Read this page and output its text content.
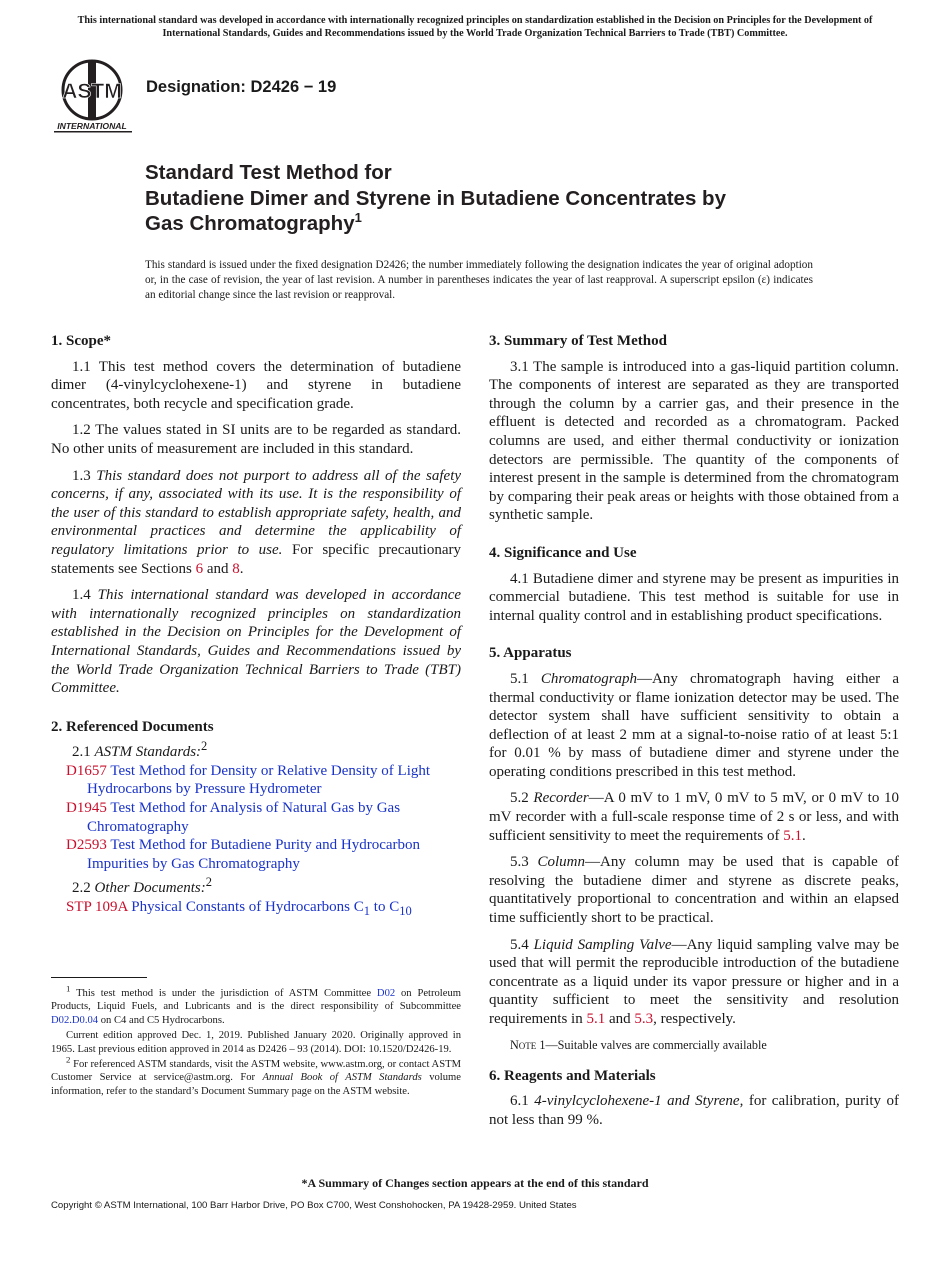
This international standard was developed in accordance with internationally recognized principles on standardization established in the Decision on Principles for the Development of International Standards, Guides and Recommendations issued by the World Trade Organization Technical Barriers to Trade (TBT) Committee.
ASTM
INTERNATIONAL
Designation: D2426 − 19
Standard Test Method for
Butadiene Dimer and Styrene in Butadiene Concentrates by
Gas Chromatography$^1$
This standard is issued under the fixed designation D2426; the number immediately following the designation indicates the year of original adoption or, in the case of revision, the year of last revision. A number in parentheses indicates the year of last reapproval. A superscript epsilon (ε) indicates an editorial change since the last revision or reapproval.
1. Scope*

1.1 This test method covers the determination of butadiene dimer (4-vinylcyclohexene-1) and styrene in butadiene concentrates, both recycle and specification grade.

1.2 The values stated in SI units are to be regarded as standard. No other units of measurement are included in this standard.

1.3 This standard does not purport to address all of the safety concerns, if any, associated with its use. It is the responsibility of the user of this standard to establish appropriate safety, health, and environmental practices and determine the applicability of regulatory limitations prior to use. For specific precautionary statements see Sections 6 and 8.

1.4 This international standard was developed in accordance with internationally recognized principles on standardization established in the Decision on Principles for the Development of International Standards, Guides and Recommendations issued by the World Trade Organization Technical Barriers to Trade (TBT) Committee.

2. Referenced Documents

2.1 ASTM Standards:$^2$

D1657 Test Method for Density or Relative Density of Light Hydrocarbons by Pressure Hydrometer
D1945 Test Method for Analysis of Natural Gas by Gas Chromatography
D2593 Test Method for Butadiene Purity and Hydrocarbon Impurities by Gas Chromatography

2.2 Other Documents:$^2$

STP 109A Physical Constants of Hydrocarbons $C_1$ to $C_{10}$

$^1$ This test method is under the jurisdiction of ASTM Committee D02 on Petroleum Products, Liquid Fuels, and Lubricants and is the direct responsibility of Subcommittee D02.D0.04 on C4 and C5 Hydrocarbons.

Current edition approved Dec. 1, 2019. Published January 2020. Originally approved in 1965. Last previous edition approved in 2014 as D2426 – 93 (2014). DOI: 10.1520/D2426-19.

$^2$ For referenced ASTM standards, visit the ASTM website, www.astm.org, or contact ASTM Customer Service at service@astm.org. For Annual Book of ASTM Standards volume information, refer to the standard’s Document Summary page on the ASTM website.

3. Summary of Test Method

3.1 The sample is introduced into a gas-liquid partition column. The components of interest are separated as they are transported through the column by a carrier gas, and their presence in the effluent is detected and recorded as a chromatogram. Packed columns are used, and either thermal conductivity or ionization detectors are permissible. The quantity of the components of interest present in the sample is determined from the chromatogram by comparing their peak areas or heights with those obtained from a synthetic sample.

4. Significance and Use

4.1 Butadiene dimer and styrene may be present as impurities in commercial butadiene. This test method is suitable for use in internal quality control and in establishing product specifications.

5. Apparatus

5.1 Chromatograph—Any chromatograph having either a thermal conductivity or flame ionization detector may be used. The detector system shall have sufficient sensitivity to obtain a deflection of at least 2 mm at a signal-to-noise ratio of at least 5:1 for 0.01 % by mass of butadiene dimer and styrene under the operating conditions prescribed in this test method.

5.2 Recorder—A 0 mV to 1 mV, 0 mV to 5 mV, or 0 mV to 10 mV recorder with a full-scale response time of 2 s or less, and with sufficient sensitivity to meet the requirements of 5.1.

5.3 Column—Any column may be used that is capable of resolving the butadiene dimer and styrene as discrete peaks, quantitatively proportional to concentration and within an elapsed time sufficiently short to be practical.

5.4 Liquid Sampling Valve—Any liquid sampling valve may be used that will permit the reproducible introduction of the butadiene concentrate as a liquid under its vapor pressure or higher and in a quantity sufficient to meet the sensitivity and resolution requirements in 5.1 and 5.3, respectively.

Note 1—Suitable valves are commercially available
6. Reagents and Materials

6.1 4-vinylcyclohexene-1 and Styrene, for calibration, purity of not less than 99 %.

*A Summary of Changes section appears at the end of this standard
Copyright © ASTM International, 100 Barr Harbor Drive, PO Box C700, West Conshohocken, PA 19428-2959. United States
